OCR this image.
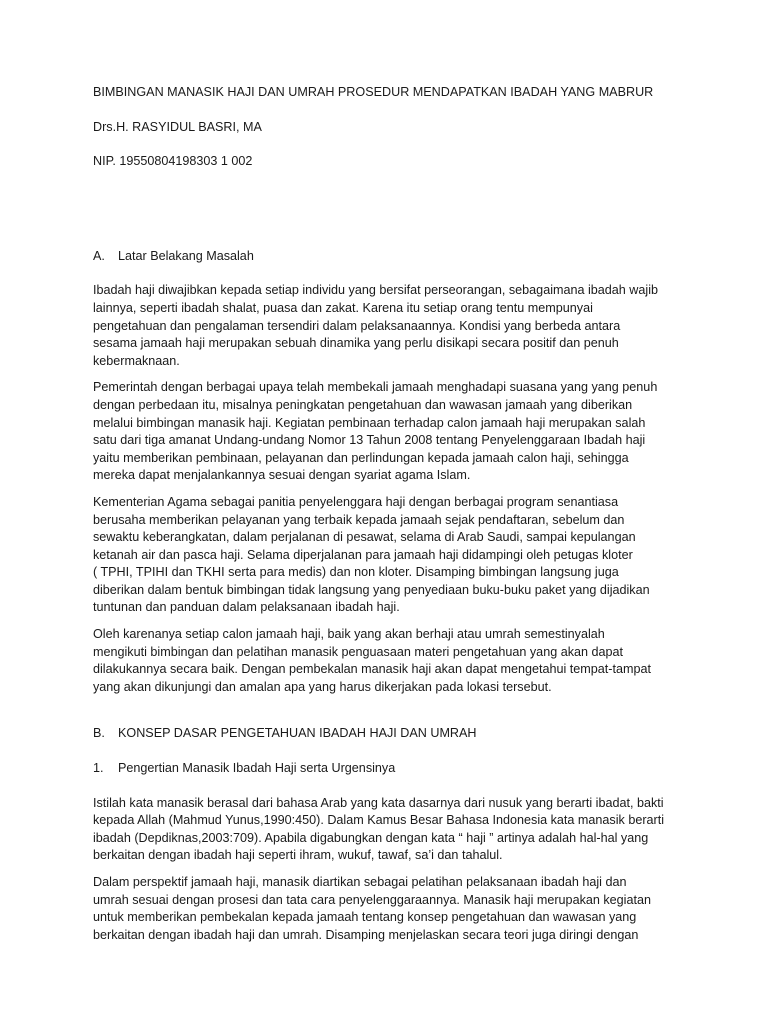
BIMBINGAN MANASIK HAJI DAN UMRAH PROSEDUR MENDAPATKAN IBADAH YANG MABRUR
Drs.H. RASYIDUL BASRI, MA
NIP. 19550804198303 1 002
A.	Latar Belakang Masalah

Ibadah haji diwajibkan kepada setiap individu yang bersifat perseorangan, sebagaimana ibadah wajib
lainnya, seperti ibadah shalat, puasa dan zakat. Karena itu setiap orang tentu mempunyai
pengetahuan dan pengalaman tersendiri dalam pelaksanaannya. Kondisi yang berbeda antara
sesama jamaah haji merupakan sebuah dinamika yang perlu disikapi secara positif dan penuh
kebermaknaan.

Pemerintah dengan berbagai upaya telah membekali jamaah menghadapi suasana yang yang penuh
dengan perbedaan itu, misalnya peningkatan pengetahuan dan wawasan jamaah yang diberikan
melalui bimbingan manasik haji. Kegiatan pembinaan terhadap calon jamaah haji merupakan salah
satu dari tiga amanat Undang-undang Nomor 13 Tahun 2008 tentang Penyelenggaraan Ibadah haji
yaitu memberikan pembinaan, pelayanan dan perlindungan kepada jamaah calon haji, sehingga
mereka dapat menjalankannya sesuai dengan syariat agama Islam.

Kementerian Agama sebagai panitia penyelenggara haji dengan berbagai program senantiasa
berusaha memberikan pelayanan yang terbaik kepada jamaah sejak pendaftaran, sebelum dan
sewaktu keberangkatan, dalam perjalanan di pesawat, selama di Arab Saudi, sampai kepulangan
ketanah air dan pasca haji. Selama diperjalanan para jamaah haji didampingi oleh petugas kloter
( TPHI, TPIHI dan TKHI serta para medis) dan non kloter. Disamping bimbingan langsung juga
diberikan dalam bentuk bimbingan tidak langsung yang penyediaan buku-buku paket yang dijadikan
tuntunan dan panduan dalam pelaksanaan ibadah haji.

Oleh karenanya setiap calon jamaah haji, baik yang akan berhaji atau umrah semestinyalah
mengikuti bimbingan dan pelatihan manasik penguasaan materi pengetahuan yang akan dapat
dilakukannya secara baik. Dengan pembekalan manasik haji akan dapat mengetahui tempat-tampat
yang akan dikunjungi dan amalan apa yang harus dikerjakan pada lokasi tersebut.

B.	KONSEP DASAR PENGETAHUAN IBADAH HAJI DAN UMRAH
1.	Pengertian Manasik Ibadah Haji serta Urgensinya

Istilah kata manasik berasal dari bahasa Arab yang kata dasarnya dari nusuk yang berarti ibadat, bakti
kepada Allah (Mahmud Yunus,1990:450). Dalam Kamus Besar Bahasa Indonesia kata manasik berarti
ibadah (Depdiknas,2003:709). Apabila digabungkan dengan kata “ haji ” artinya adalah hal-hal yang
berkaitan dengan ibadah haji seperti ihram, wukuf, tawaf, sa’i dan tahalul.

Dalam perspektif jamaah haji, manasik diartikan sebagai pelatihan pelaksanaan ibadah haji dan
umrah sesuai dengan prosesi dan tata cara penyelenggaraannya. Manasik haji merupakan kegiatan
untuk memberikan pembekalan kepada jamaah tentang konsep pengetahuan dan wawasan yang
berkaitan dengan ibadah haji dan umrah. Disamping menjelaskan secara teori juga diringi dengan
